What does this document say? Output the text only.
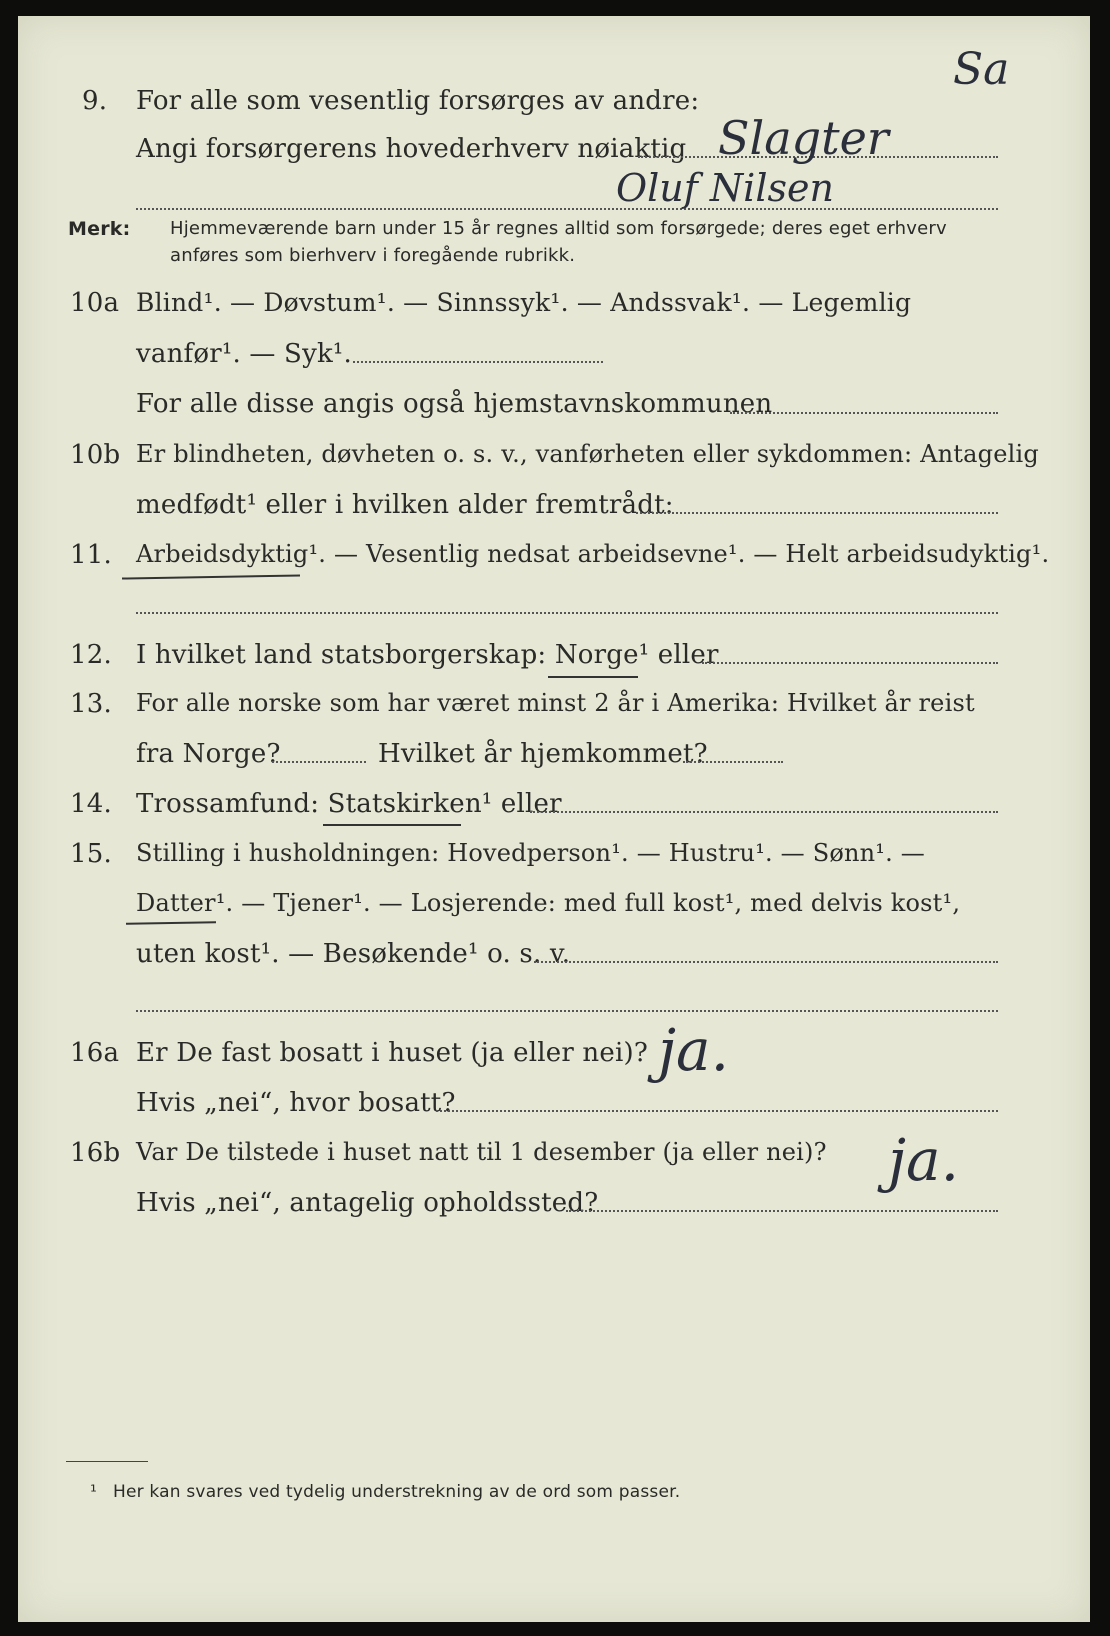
Sa
9. For alle som vesentlig forsørges av andre:
Angi forsørgerens hovederhverv nøiaktig Slagter
Oluf Nilsen
Merk: Hjemmeværende barn under 15 år regnes alltid som forsørgede; deres eget erhverv
anføres som bierhverv i foregående rubrikk.
10a Blind¹. — Døvstum¹. — Sinnssyk¹. — Andssvak¹. — Legemlig
vanfør¹. — Syk¹.
For alle disse angis også hjemstavnskommunen
10b Er blindheten, døvheten o. s. v., vanførheten eller sykdommen: Antagelig
medfødt¹ eller i hvilken alder fremtrådt:
11. Arbeidsdyktig¹. — Vesentlig nedsat arbeidsevne¹. — Helt arbeidsudyktig¹.
12. I hvilket land statsborgerskap: Norge¹ eller
13. For alle norske som har været minst 2 år i Amerika: Hvilket år reist
fra Norge?	Hvilket år hjemkommet?
14. Trossamfund: Statskirken¹ eller
15. Stilling i husholdningen: Hovedperson¹. — Hustru¹. — Sønn¹. —
Datter¹. — Tjener¹. — Losjerende: med full kost¹, med delvis kost¹,
uten kost¹. — Besøkende¹ o. s. v.
16a Er De fast bosatt i huset (ja eller nei)? ja.
Hvis „nei“, hvor bosatt?
16b Var De tilstede i huset natt til 1 desember (ja eller nei)? ja.
Hvis „nei“, antagelig opholdssted?
¹ Her kan svares ved tydelig understrekning av de ord som passer.
